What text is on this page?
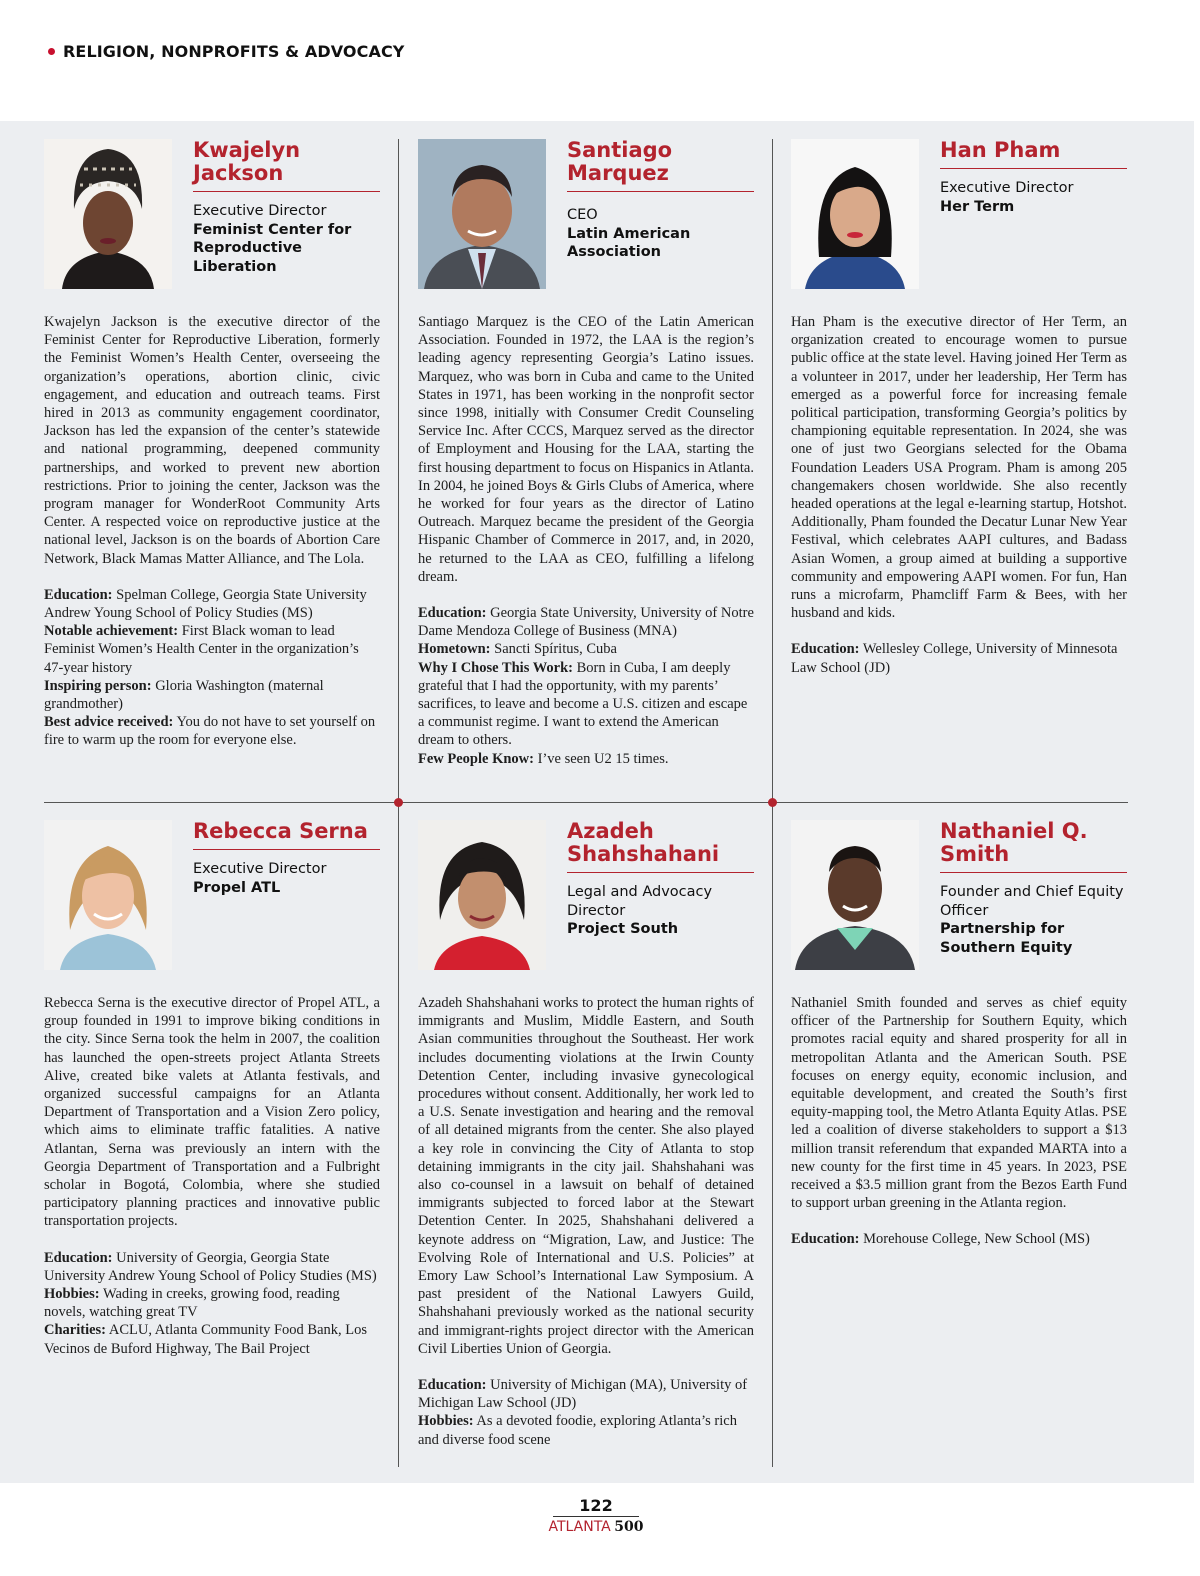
RELIGION, NONPROFITS & ADVOCACY
Kwajelyn Jackson
Executive Director
Feminist Center for Reproductive Liberation
Kwajelyn Jackson is the executive director of the Feminist Center for Reproductive Liberation, formerly the Feminist Women’s Health Center, overseeing the organization’s operations, abortion clinic, civic engagement, and education and outreach teams. First hired in 2013 as community engagement coordinator, Jackson has led the expansion of the center’s statewide and national programming, deepened community partnerships, and worked to prevent new abortion restrictions. Prior to joining the center, Jackson was the program manager for WonderRoot Community Arts Center. A respected voice on reproductive justice at the national level, Jackson is on the boards of Abortion Care Network, Black Mamas Matter Alliance, and The Lola.
Education: Spelman College, Georgia State University Andrew Young School of Policy Studies (MS)
Notable achievement: First Black woman to lead Feminist Women’s Health Center in the organization’s 47-year history
Inspiring person: Gloria Washington (maternal grandmother)
Best advice received: You do not have to set yourself on fire to warm up the room for everyone else.
Santiago Marquez
CEO
Latin American Association
Santiago Marquez is the CEO of the Latin American Association. Founded in 1972, the LAA is the region’s leading agency representing Georgia’s Latino issues. Marquez, who was born in Cuba and came to the United States in 1971, has been working in the nonprofit sector since 1998, initially with Consumer Credit Counseling Service Inc. After CCCS, Marquez served as the director of Employment and Housing for the LAA, starting the first housing department to focus on Hispanics in Atlanta. In 2004, he joined Boys & Girls Clubs of America, where he worked for four years as the director of Latino Outreach. Marquez became the president of the Georgia Hispanic Chamber of Commerce in 2017, and, in 2020, he returned to the LAA as CEO, fulfilling a lifelong dream.
Education: Georgia State University, University of Notre Dame Mendoza College of Business (MNA)
Hometown: Sancti Spíritus, Cuba
Why I Chose This Work: Born in Cuba, I am deeply grateful that I had the opportunity, with my parents’ sacrifices, to leave and become a U.S. citizen and escape a communist regime. I want to extend the American dream to others.
Few People Know: I’ve seen U2 15 times.
Han Pham
Executive Director
Her Term
Han Pham is the executive director of Her Term, an organization created to encourage women to pursue public office at the state level. Having joined Her Term as a volunteer in 2017, under her leadership, Her Term has emerged as a powerful force for increasing female political participation, transforming Georgia’s politics by championing equitable representation. In 2024, she was one of just two Georgians selected for the Obama Foundation Leaders USA Program. Pham is among 205 changemakers chosen worldwide. She also recently headed operations at the legal e-learning startup, Hotshot. Additionally, Pham founded the Decatur Lunar New Year Festival, which celebrates AAPI cultures, and Badass Asian Women, a group aimed at building a supportive community and empowering AAPI women. For fun, Han runs a microfarm, Phamcliff Farm & Bees, with her husband and kids.
Education: Wellesley College, University of Minnesota Law School (JD)
Rebecca Serna
Executive Director
Propel ATL
Rebecca Serna is the executive director of Propel ATL, a group founded in 1991 to improve biking conditions in the city. Since Serna took the helm in 2007, the coalition has launched the open-streets project Atlanta Streets Alive, created bike valets at Atlanta festivals, and organized successful campaigns for an Atlanta Department of Transportation and a Vision Zero policy, which aims to eliminate traffic fatalities. A native Atlantan, Serna was previously an intern with the Georgia Department of Transportation and a Fulbright scholar in Bogotá, Colombia, where she studied participatory planning practices and innovative public transportation projects.
Education: University of Georgia, Georgia State University Andrew Young School of Policy Studies (MS)
Hobbies: Wading in creeks, growing food, reading novels, watching great TV
Charities: ACLU, Atlanta Community Food Bank, Los Vecinos de Buford Highway, The Bail Project
Azadeh Shahshahani
Legal and Advocacy Director
Project South
Azadeh Shahshahani works to protect the human rights of immigrants and Muslim, Middle Eastern, and South Asian communities throughout the Southeast. Her work includes documenting violations at the Irwin County Detention Center, including invasive gynecological procedures without consent. Additionally, her work led to a U.S. Senate investigation and hearing and the removal of all detained migrants from the center. She also played a key role in convincing the City of Atlanta to stop detaining immigrants in the city jail. Shahshahani was also co-counsel in a lawsuit on behalf of detained immigrants subjected to forced labor at the Stewart Detention Center. In 2025, Shahshahani delivered a keynote address on “Migration, Law, and Justice: The Evolving Role of International and U.S. Policies” at Emory Law School’s International Law Symposium. A past president of the National Lawyers Guild, Shahshahani previously worked as the national security and immigrant-rights project director with the American Civil Liberties Union of Georgia.
Education: University of Michigan (MA), University of Michigan Law School (JD)
Hobbies: As a devoted foodie, exploring Atlanta’s rich and diverse food scene
Nathaniel Q. Smith
Founder and Chief Equity Officer
Partnership for Southern Equity
Nathaniel Smith founded and serves as chief equity officer of the Partnership for Southern Equity, which promotes racial equity and shared prosperity for all in metropolitan Atlanta and the American South. PSE focuses on energy equity, economic inclusion, and equitable development, and created the South’s first equity-mapping tool, the Metro Atlanta Equity Atlas. PSE led a coalition of diverse stakeholders to support a $13 million transit referendum that expanded MARTA into a new county for the first time in 45 years. In 2023, PSE received a $3.5 million grant from the Bezos Earth Fund to support urban greening in the Atlanta region.
Education: Morehouse College, New School (MS)
122
ATLANTA 500
